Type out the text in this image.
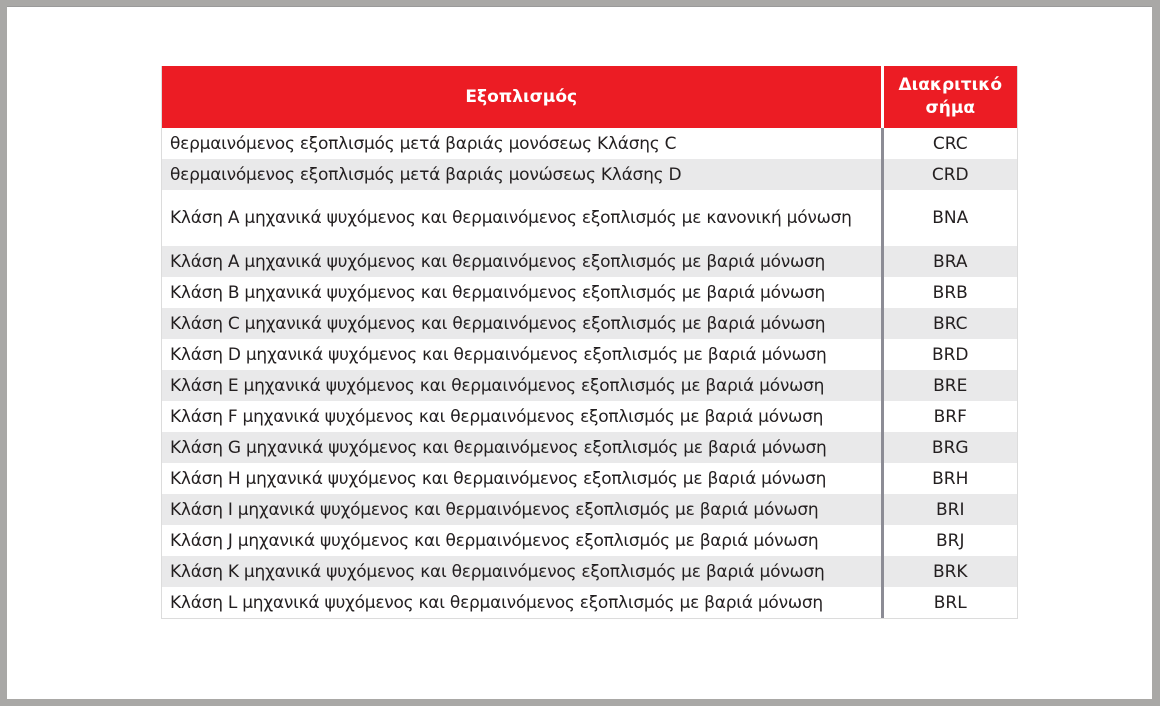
Εξοπλισμός	Διακριτικό σήμα
θερμαινόμενος εξοπλισμός μετά βαριάς μονόσεως Κλάσης C	CRC
θερμαινόμενος εξοπλισμός μετά βαριάς μονώσεως Κλάσης D	CRD
Κλάση A μηχανικά ψυχόμενος και θερμαινόμενος εξοπλισμός με κανονική μόνωση	BNA
Κλάση A μηχανικά ψυχόμενος και θερμαινόμενος εξοπλισμός με βαριά μόνωση	BRA
Κλάση B μηχανικά ψυχόμενος και θερμαινόμενος εξοπλισμός με βαριά μόνωση	BRB
Κλάση C μηχανικά ψυχόμενος και θερμαινόμενος εξοπλισμός με βαριά μόνωση	BRC
Κλάση D μηχανικά ψυχόμενος και θερμαινόμενος εξοπλισμός με βαριά μόνωση	BRD
Κλάση E μηχανικά ψυχόμενος και θερμαινόμενος εξοπλισμός με βαριά μόνωση	BRE
Κλάση F μηχανικά ψυχόμενος και θερμαινόμενος εξοπλισμός με βαριά μόνωση	BRF
Κλάση G μηχανικά ψυχόμενος και θερμαινόμενος εξοπλισμός με βαριά μόνωση	BRG
Κλάση H μηχανικά ψυχόμενος και θερμαινόμενος εξοπλισμός με βαριά μόνωση	BRH
Κλάση I μηχανικά ψυχόμενος και θερμαινόμενος εξοπλισμός με βαριά μόνωση	BRI
Κλάση J μηχανικά ψυχόμενος και θερμαινόμενος εξοπλισμός με βαριά μόνωση	BRJ
Κλάση K μηχανικά ψυχόμενος και θερμαινόμενος εξοπλισμός με βαριά μόνωση	BRK
Κλάση L μηχανικά ψυχόμενος και θερμαινόμενος εξοπλισμός με βαριά μόνωση	BRL
